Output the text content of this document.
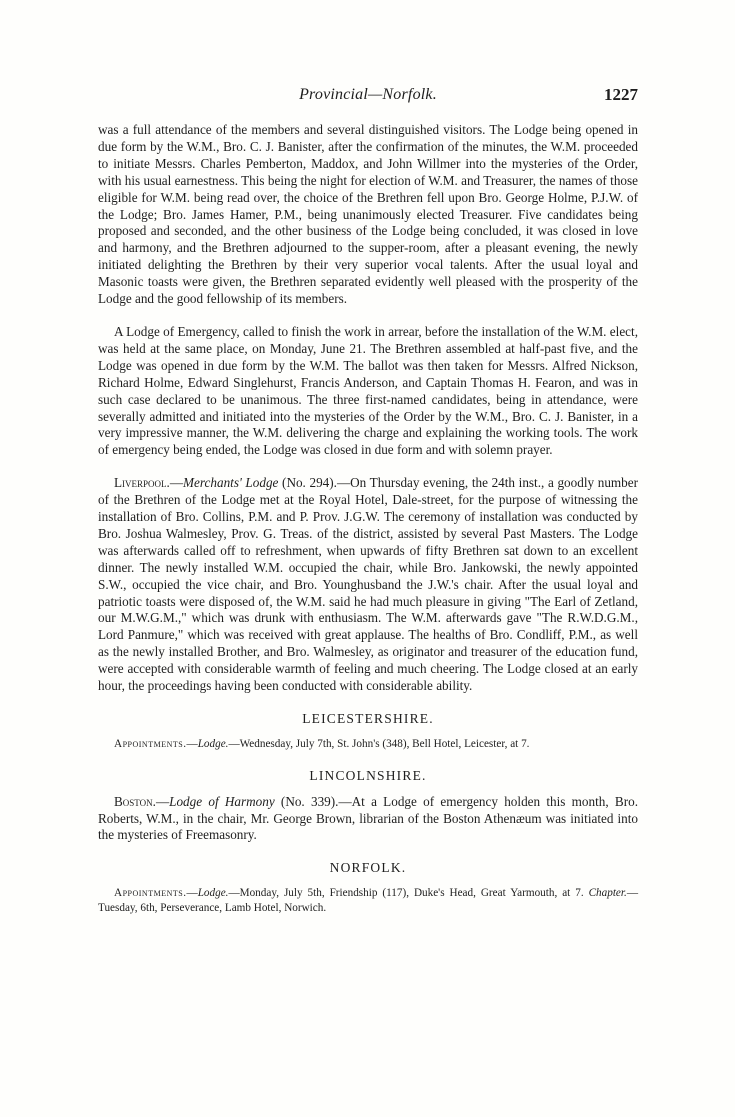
Provincial—Norfolk.	1227

was a full attendance of the members and several distinguished visitors. The Lodge being opened in due form by the W.M., Bro. C. J. Banister, after the confirmation of the minutes, the W.M. proceeded to initiate Messrs. Charles Pemberton, Maddox, and John Willmer into the mysteries of the Order, with his usual earnestness. This being the night for election of W.M. and Treasurer, the names of those eligible for W.M. being read over, the choice of the Brethren fell upon Bro. George Holme, P.J.W. of the Lodge; Bro. James Hamer, P.M., being unanimously elected Treasurer. Five candidates being proposed and seconded, and the other business of the Lodge being concluded, it was closed in love and harmony, and the Brethren adjourned to the supper-room, after a pleasant evening, the newly initiated delighting the Brethren by their very superior vocal talents. After the usual loyal and Masonic toasts were given, the Brethren separated evidently well pleased with the prosperity of the Lodge and the good fellowship of its members.

A Lodge of Emergency, called to finish the work in arrear, before the installation of the W.M. elect, was held at the same place, on Monday, June 21. The Brethren assembled at half-past five, and the Lodge was opened in due form by the W.M. The ballot was then taken for Messrs. Alfred Nickson, Richard Holme, Edward Singlehurst, Francis Anderson, and Captain Thomas H. Fearon, and was in such case declared to be unanimous. The three first-named candidates, being in attendance, were severally admitted and initiated into the mysteries of the Order by the W.M., Bro. C. J. Banister, in a very impressive manner, the W.M. delivering the charge and explaining the working tools. The work of emergency being ended, the Lodge was closed in due form and with solemn prayer.

Liverpool.—Merchants' Lodge (No. 294).—On Thursday evening, the 24th inst., a goodly number of the Brethren of the Lodge met at the Royal Hotel, Dale-street, for the purpose of witnessing the installation of Bro. Collins, P.M. and P. Prov. J.G.W. The ceremony of installation was conducted by Bro. Joshua Walmesley, Prov. G. Treas. of the district, assisted by several Past Masters. The Lodge was afterwards called off to refreshment, when upwards of fifty Brethren sat down to an excellent dinner. The newly installed W.M. occupied the chair, while Bro. Jankowski, the newly appointed S.W., occupied the vice chair, and Bro. Younghusband the J.W.'s chair. After the usual loyal and patriotic toasts were disposed of, the W.M. said he had much pleasure in giving "The Earl of Zetland, our M.W.G.M.," which was drunk with enthusiasm. The W.M. afterwards gave "The R.W.D.G.M., Lord Panmure," which was received with great applause. The healths of Bro. Condliff, P.M., as well as the newly installed Brother, and Bro. Walmesley, as originator and treasurer of the education fund, were accepted with considerable warmth of feeling and much cheering. The Lodge closed at an early hour, the proceedings having been conducted with considerable ability.

LEICESTERSHIRE.

Appointments.—Lodge.—Wednesday, July 7th, St. John's (348), Bell Hotel, Leicester, at 7.

LINCOLNSHIRE.

Boston.—Lodge of Harmony (No. 339).—At a Lodge of emergency holden this month, Bro. Roberts, W.M., in the chair, Mr. George Brown, librarian of the Boston Athenæum was initiated into the mysteries of Freemasonry.

NORFOLK.

Appointments.—Lodge.—Monday, July 5th, Friendship (117), Duke's Head, Great Yarmouth, at 7. Chapter.—Tuesday, 6th, Perseverance, Lamb Hotel, Norwich.
